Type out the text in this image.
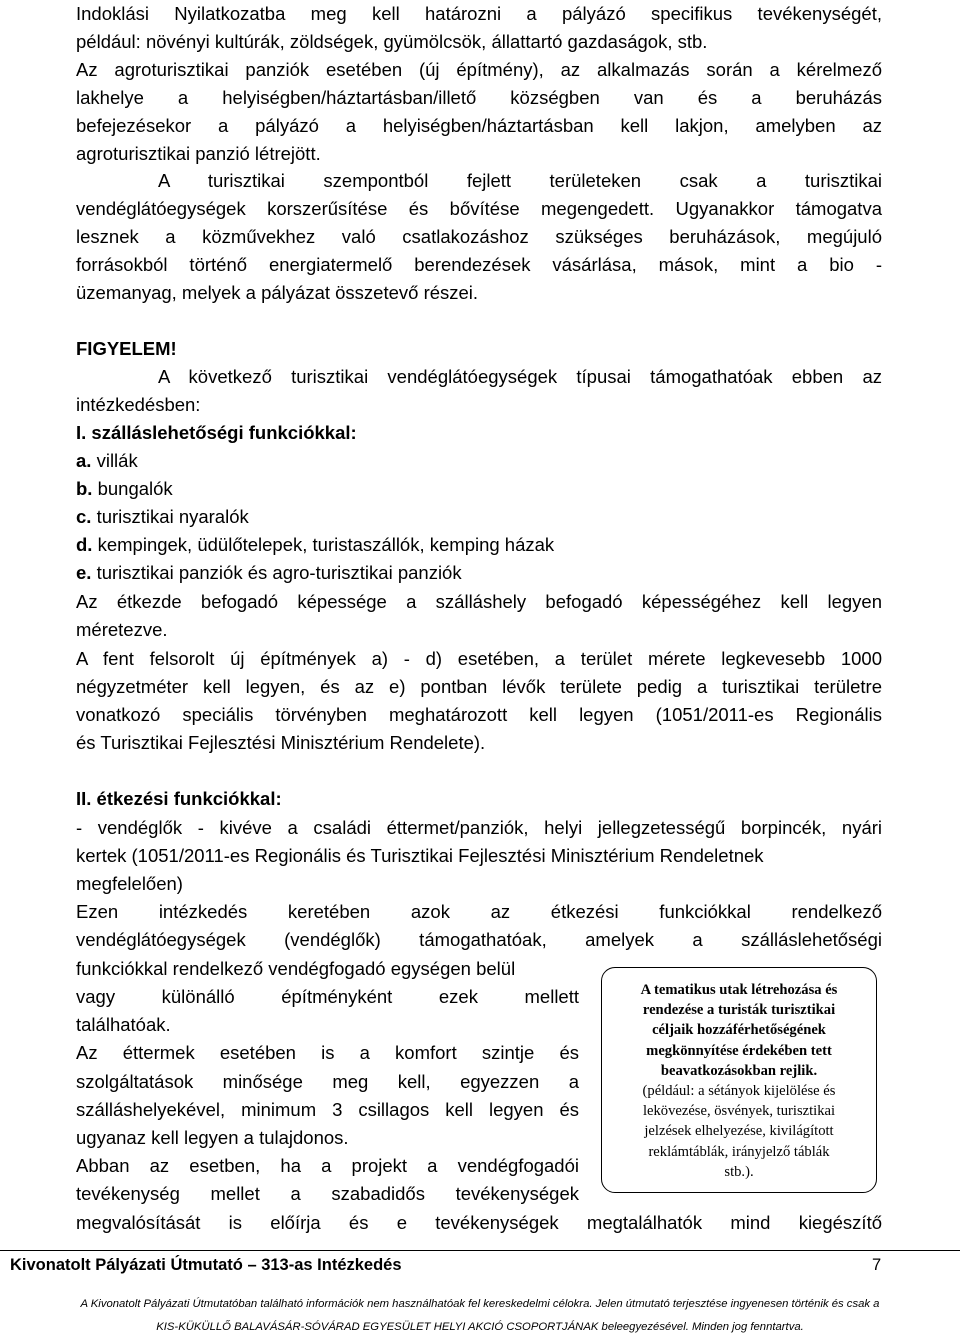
Indoklási Nyilatkozatba meg kell határozni a pályázó specifikus tevékenységét,
például: növényi kultúrák, zöldségek, gyümölcsök, állattartó gazdaságok, stb.
Az agroturisztikai panziók esetében (új építmény), az alkalmazás során a kérelmező
lakhelye a helyiségben/háztartásban/illető községben van és a beruházás
befejezésekor a pályázó a helyiségben/háztartásban kell lakjon, amelyben az
agroturisztikai panzió létrejött.
A turisztikai szempontból fejlett területeken csak a turisztikai
vendéglátóegységek korszerűsítése és bővítése megengedett. Ugyanakkor támogatva
lesznek a közművekhez való csatlakozáshoz szükséges beruházások, megújuló
forrásokból történő energiatermelő berendezések vásárlása, mások, mint a bio -
üzemanyag, melyek a pályázat összetevő részei.
FIGYELEM!
A következő turisztikai vendéglátóegységek típusai támogathatóak ebben az
intézkedésben:
I. szálláslehetőségi funkciókkal:
a. villák
b. bungalók
c. turisztikai nyaralók
d. kempingek, üdülőtelepek, turistaszállók, kemping házak
e. turisztikai panziók és agro-turisztikai panziók
Az étkezde befogadó képessége a szálláshely befogadó képességéhez kell legyen
méretezve.
A fent felsorolt új építmények a) - d) esetében, a terület mérete legkevesebb 1000
négyzetméter kell legyen, és az e) pontban lévők területe pedig a turisztikai területre
vonatkozó speciális törvényben meghatározott kell legyen (1051/2011-es Regionális
és Turisztikai Fejlesztési Minisztérium Rendelete).
II. étkezési funkciókkal:
- vendéglők - kivéve a családi éttermet/panziók, helyi jellegzetességű borpincék, nyári
kertek (1051/2011-es Regionális és Turisztikai Fejlesztési Minisztérium Rendeletnek
megfelelően)
Ezen intézkedés keretében azok az étkezési funkciókkal rendelkező
vendéglátóegységek (vendéglők) támogathatóak, amelyek a szálláslehetőségi
funkciókkal rendelkező vendégfogadó egységen belül
vagy különálló építményként ezek mellett
találhatóak.
Az éttermek esetében is a komfort szintje és
szolgáltatások minősége meg kell, egyezzen a
szálláshelyekével, minimum 3 csillagos kell legyen és
ugyanaz kell legyen a tulajdonos.
Abban az esetben, ha a projekt a vendégfogadói
tevékenység mellet a szabadidős tevékenységek
megvalósítását is előírja és e tevékenységek megtalálhatók mind kiegészítő
A tematikus utak létrehozása és
rendezése a turisták turisztikai
céljaik hozzáférhetőségének
megkönnyítése érdekében tett
beavatkozásokban rejlik.
(például: a sétányok kijelölése és
lekövezése, ösvények, turisztikai
jelzések elhelyezése, kivilágított
reklámtáblák, irányjelző táblák
stb.).
Kivonatolt Pályázati Útmutató – 313-as Intézkedés	7
A Kivonatolt Pályázati Útmutatóban található információk nem használhatóak fel kereskedelmi célokra. Jelen útmutató terjesztése ingyenesen történik és csak a
KIS-KÜKÜLLŐ BALAVÁSÁR-SÓVÁRAD EGYESÜLET HELYI AKCIÓ CSOPORTJÁNAK beleegyezésével. Minden jog fenntartva.
